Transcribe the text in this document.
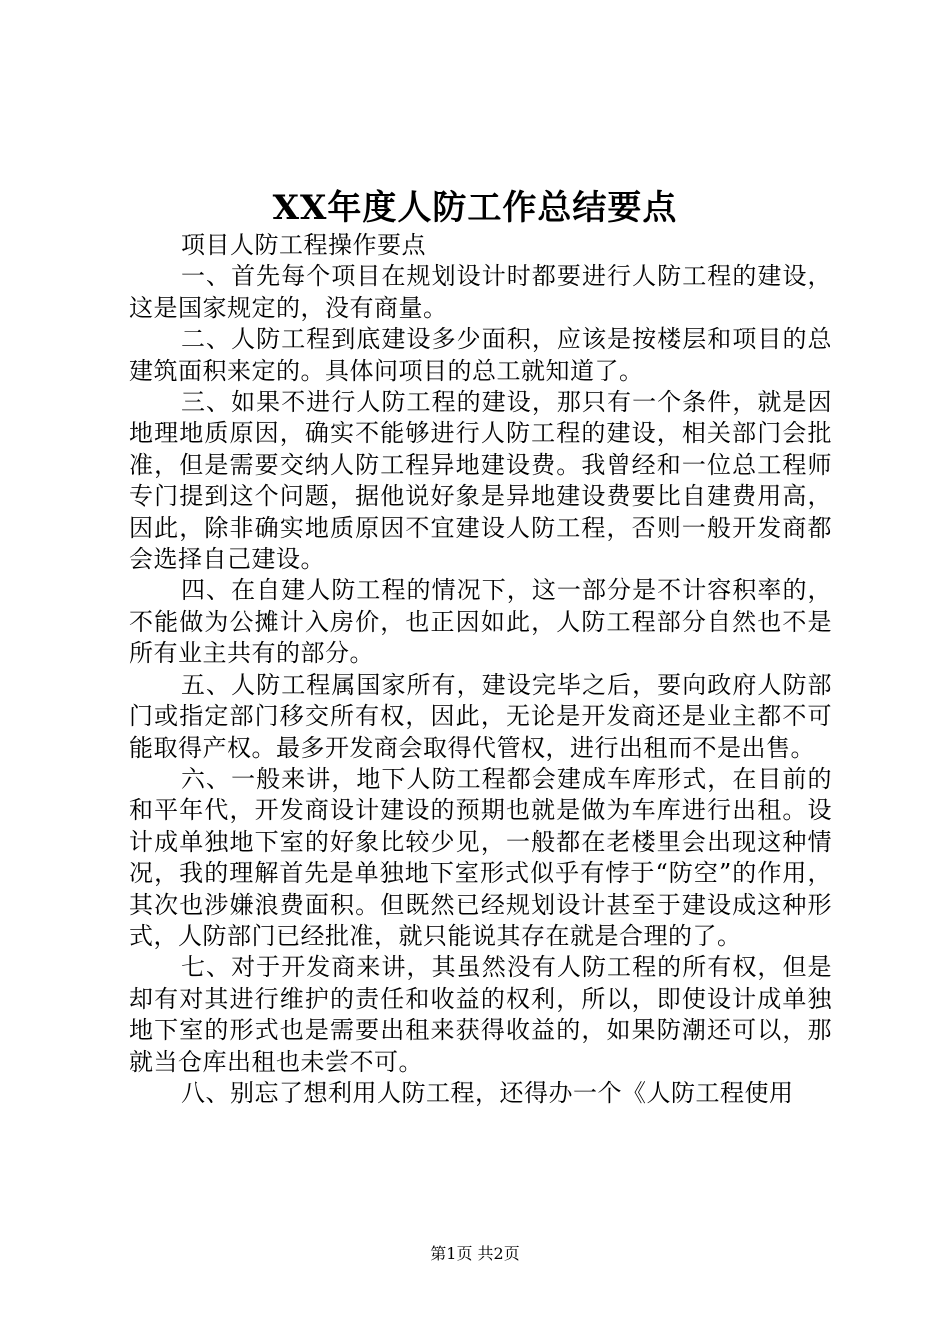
XX年度人防工作总结要点

项目人防工程操作要点

一、首先每个项目在规划设计时都要进行人防工程的建设，这是国家规定的，没有商量。

二、人防工程到底建设多少面积，应该是按楼层和项目的总建筑面积来定的。具体问项目的总工就知道了。

三、如果不进行人防工程的建设，那只有一个条件，就是因地理地质原因，确实不能够进行人防工程的建设，相关部门会批准，但是需要交纳人防工程异地建设费。我曾经和一位总工程师专门提到这个问题，据他说好象是异地建设费要比自建费用高，因此，除非确实地质原因不宜建设人防工程，否则一般开发商都会选择自己建设。

四、在自建人防工程的情况下，这一部分是不计容积率的，不能做为公摊计入房价，也正因如此，人防工程部分自然也不是所有业主共有的部分。

五、人防工程属国家所有，建设完毕之后，要向政府人防部门或指定部门移交所有权，因此，无论是开发商还是业主都不可能取得产权。最多开发商会取得代管权，进行出租而不是出售。

六、一般来讲，地下人防工程都会建成车库形式，在目前的和平年代，开发商设计建设的预期也就是做为车库进行出租。设计成单独地下室的好象比较少见，一般都在老楼里会出现这种情况，我的理解首先是单独地下室形式似乎有悖于“防空”的作用，其次也涉嫌浪费面积。但既然已经规划设计甚至于建设成这种形式，人防部门已经批准，就只能说其存在就是合理的了。

七、对于开发商来讲，其虽然没有人防工程的所有权，但是却有对其进行维护的责任和收益的权利，所以，即使设计成单独地下室的形式也是需要出租来获得收益的，如果防潮还可以，那就当仓库出租也未尝不可。

八、别忘了想利用人防工程，还得办一个《人防工程使用

第1页 共2页
